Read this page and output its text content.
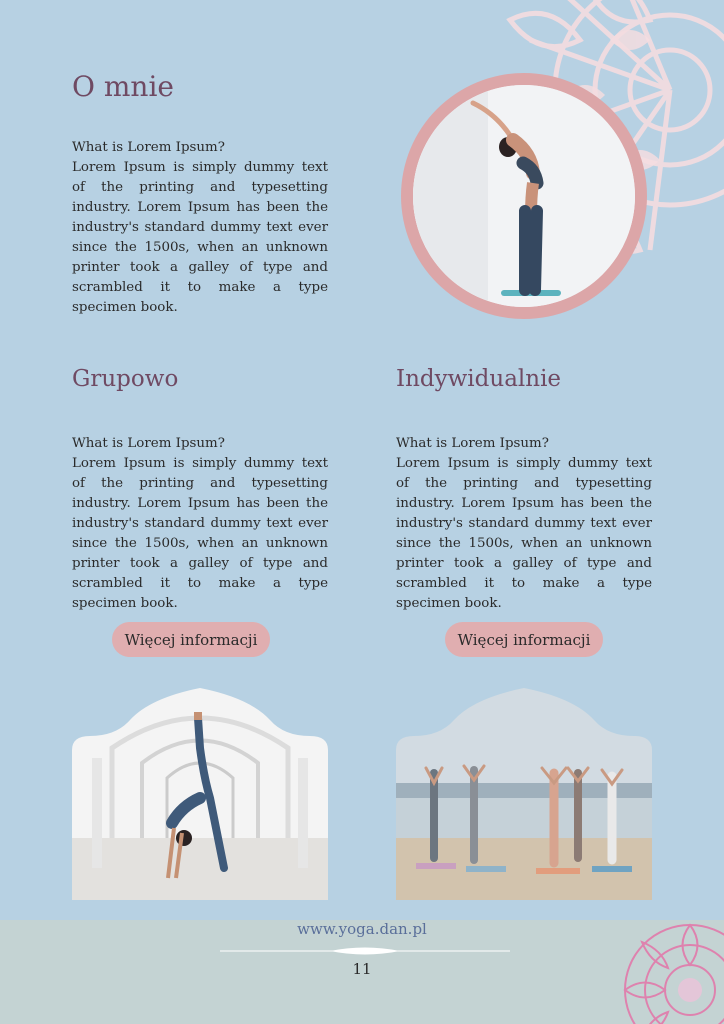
O mnie
What is Lorem Ipsum?
Lorem Ipsum is simply dummy text of the printing and typesetting industry. Lorem Ipsum has been the industry's standard dummy text ever since the 1500s, when an unknown printer took a galley of type and scrambled it to make a type specimen book.
Grupowo
What is Lorem Ipsum?
Lorem Ipsum is simply dummy text of the printing and typesetting industry. Lorem Ipsum has been the industry's standard dummy text ever since the 1500s, when an unknown printer took a galley of type and scrambled it to make a type specimen book.
Więcej informacji
Indywidualnie
What is Lorem Ipsum?
Lorem Ipsum is simply dummy text of the printing and typesetting industry. Lorem Ipsum has been the industry's standard dummy text ever since the 1500s, when an unknown printer took a galley of type and scrambled it to make a type specimen book.
Więcej informacji
www.yoga.dan.pl
11
